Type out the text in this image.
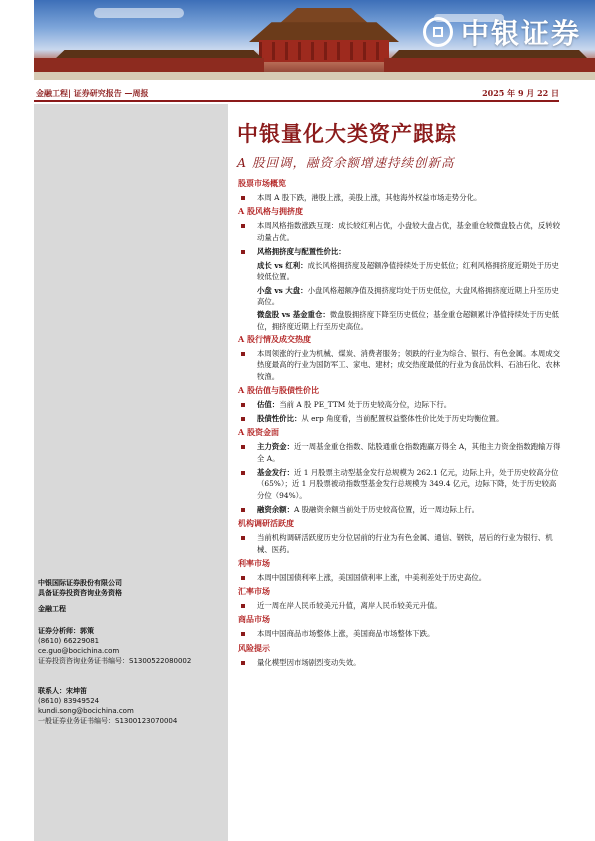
中银证券
金融工程| 证券研究报告 —周报	2025 年 9 月 22 日
中银国际证券股份有限公司
具备证券投资咨询业务资格
金融工程
证券分析师：郭策
(8610) 66229081
ce.guo@bocichina.com
证券投资咨询业务证书编号：S1300522080002
联系人：宋坤笛
(8610) 83949524
kundi.song@bocichina.com
一般证券业务证书编号：S1300123070004
中银量化大类资产跟踪
A 股回调，融资余额增速持续创新高
股票市场概览
本周 A 股下跌，港股上涨，美股上涨，其他海外权益市场走势分化。
A 股风格与拥挤度
本周风格指数涨跌互现：成长较红利占优，小盘较大盘占优，基金重仓较微盘股占优，反转较动量占优。
风格拥挤度与配置性价比：
成长 vs 红利：成长风格拥挤度及超额净值持续处于历史低位；红利风格拥挤度近期处于历史较低位置。
小盘 vs 大盘：小盘风格超额净值及拥挤度均处于历史低位，大盘风格拥挤度近期上升至历史高位。
微盘股 vs 基金重仓：微盘股拥挤度下降至历史低位；基金重仓超额累计净值持续处于历史低位，拥挤度近期上行至历史高位。
A 股行情及成交热度
本周领涨的行业为机械、煤炭、消费者服务；领跌的行业为综合、银行、有色金属。本周成交热度最高的行业为国防军工、家电、建材；成交热度最低的行业为食品饮料、石油石化、农林牧渔。
A 股估值与股债性价比
估值：当前 A 股 PE_TTM 处于历史较高分位，边际下行。
股债性价比：从 erp 角度看，当前配置权益整体性价比处于历史均衡位置。
A 股资金面
主力资金：近一周基金重仓指数、陆股通重仓指数跑赢万得全 A，其他主力资金指数跑输万得全 A。
基金发行：近 1 月股票主动型基金发行总规模为 262.1 亿元，边际上升，处于历史较高分位（65%）；近 1 月股票被动指数型基金发行总规模为 349.4 亿元，边际下降，处于历史较高分位（94%）。
融资余额：A 股融资余额当前处于历史较高位置，近一周边际上行。
机构调研活跃度
当前机构调研活跃度历史分位居前的行业为有色金属、通信、钢铁，居后的行业为银行、机械、医药。
利率市场
本周中国国债利率上涨，美国国债利率上涨，中美利差处于历史高位。
汇率市场
近一周在岸人民币较美元升值，离岸人民币较美元升值。
商品市场
本周中国商品市场整体上涨，美国商品市场整体下跌。
风险提示
量化模型因市场剧烈变动失效。
